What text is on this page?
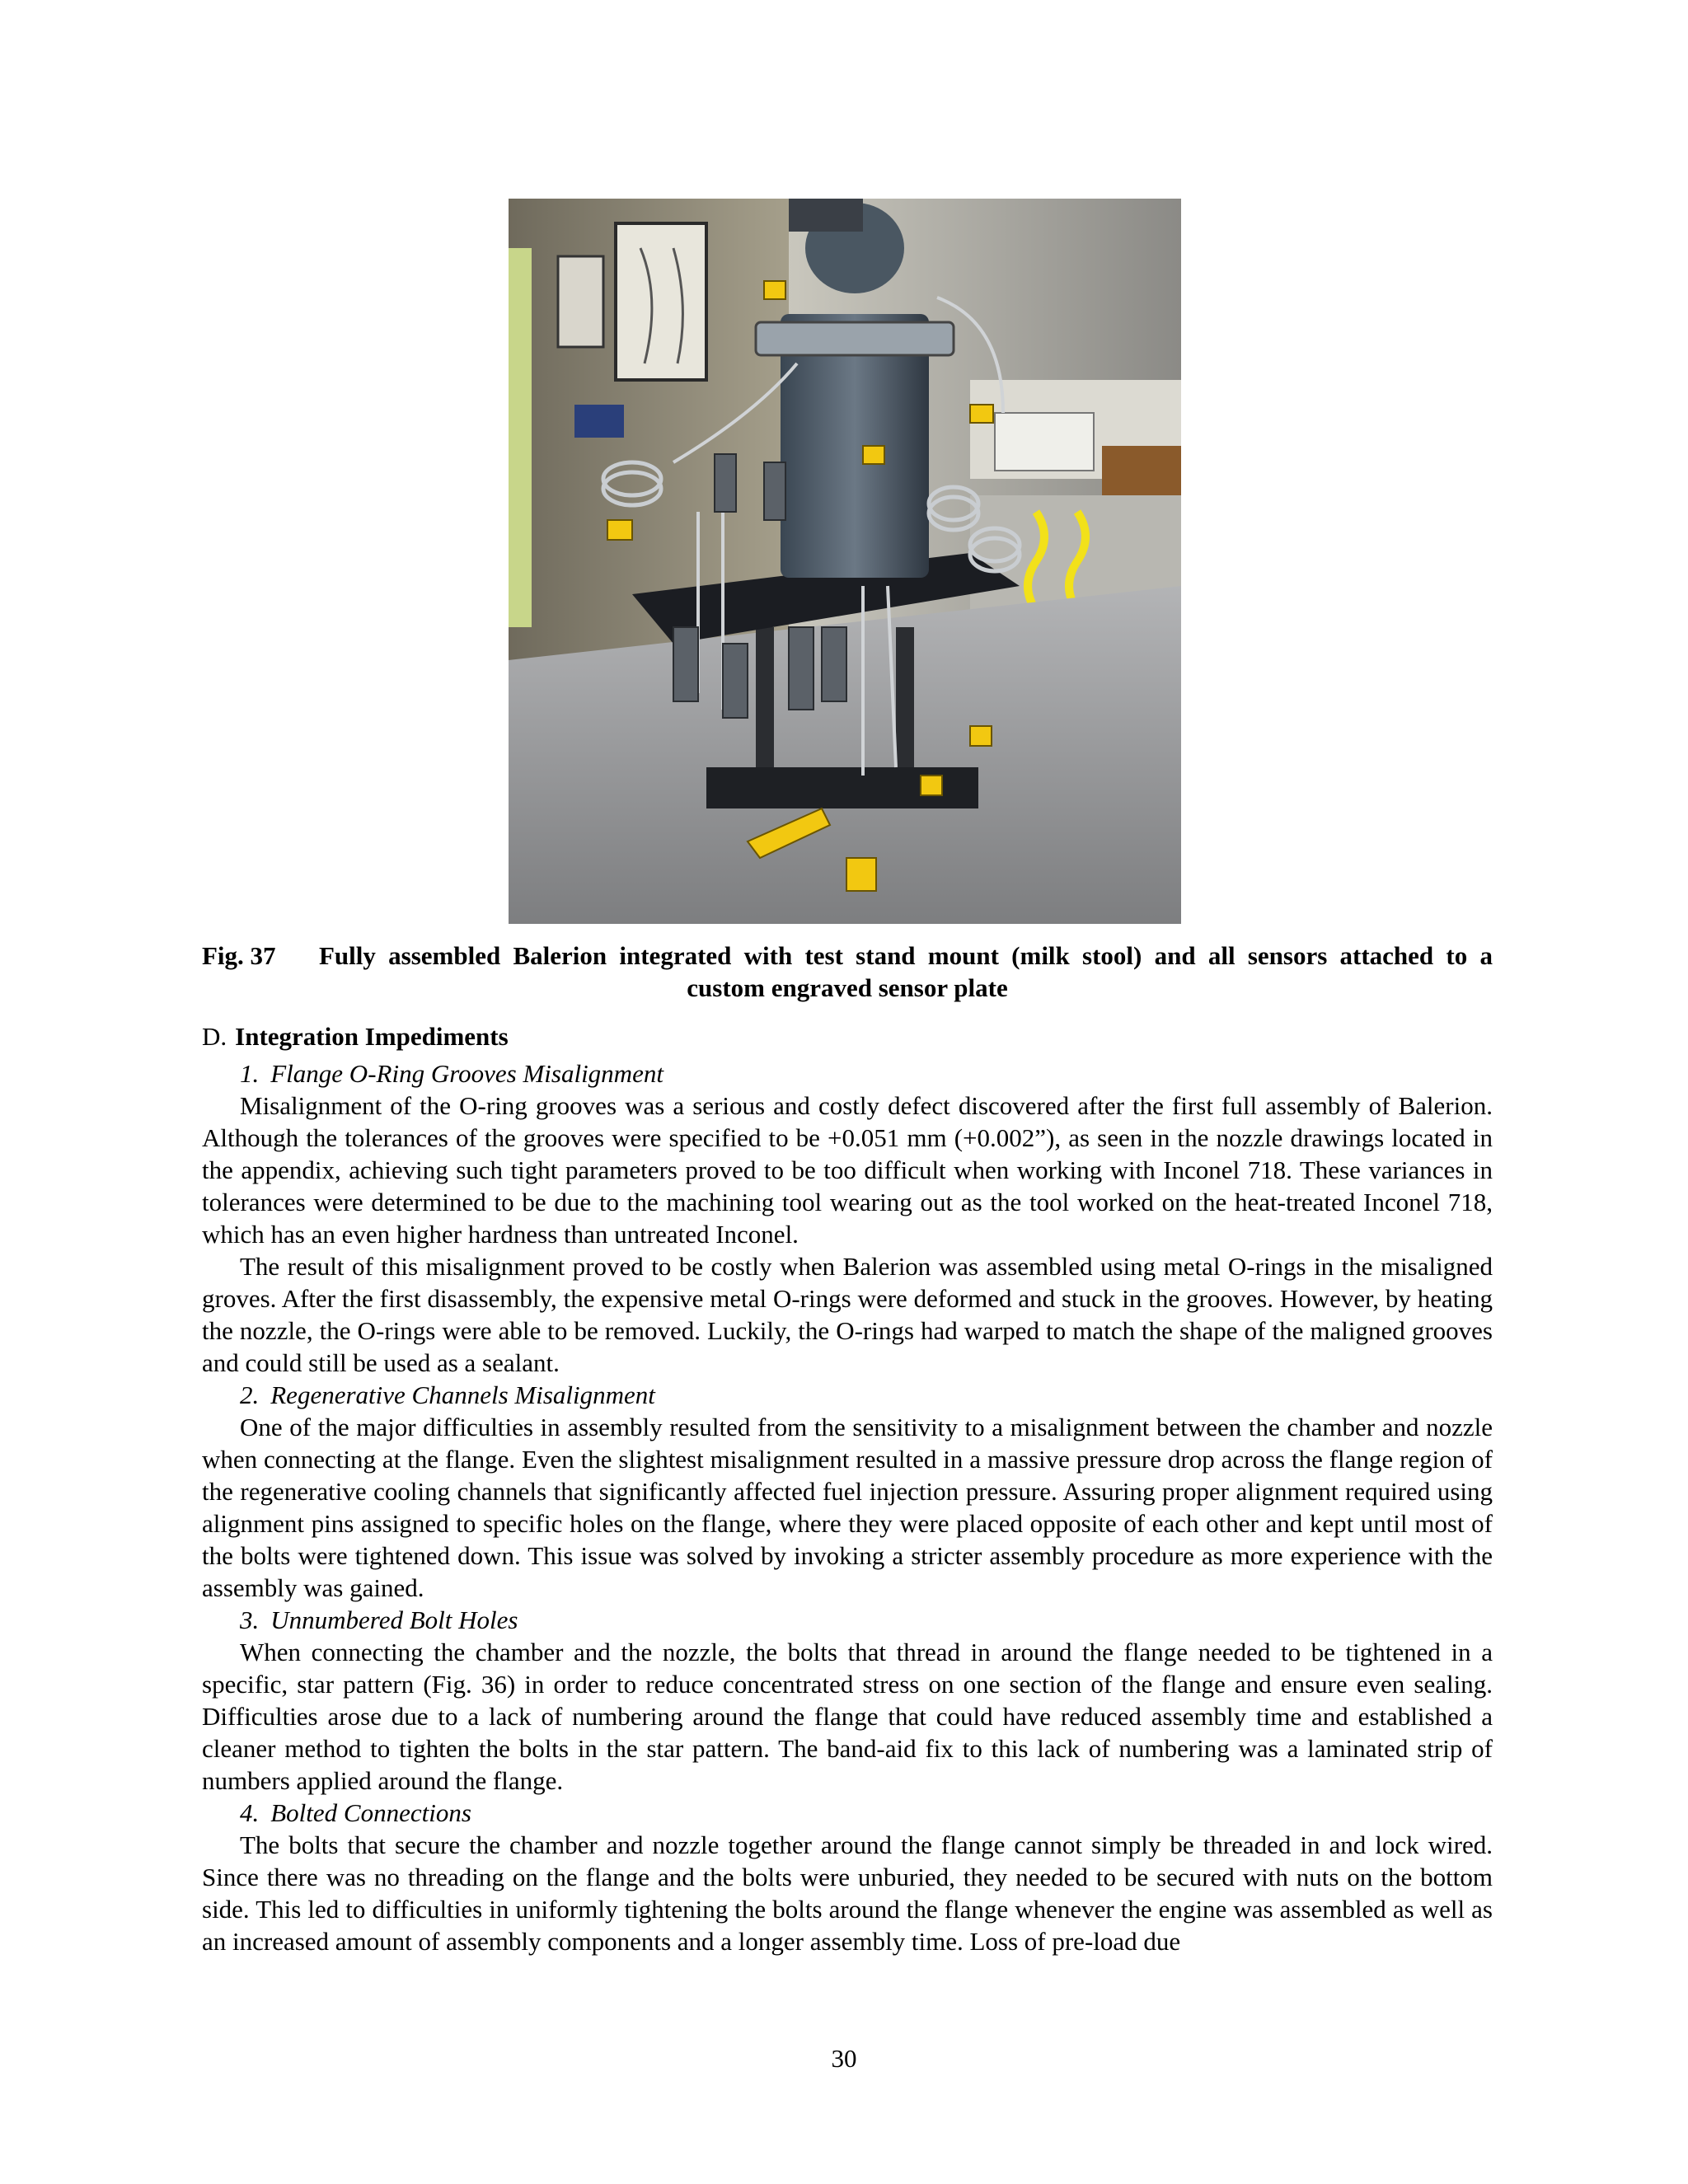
Fig. 37	Fully assembled Balerion integrated with test stand mount (milk stool) and all sensors attached to a
custom engraved sensor plate
D. Integration Impediments
1. Flange O-Ring Grooves Misalignment

Misalignment of the O-ring grooves was a serious and costly defect discovered after the first full assembly of Balerion. Although the tolerances of the grooves were specified to be +0.051 mm (+0.002”), as seen in the nozzle drawings located in the appendix, achieving such tight parameters proved to be too difficult when working with Inconel 718. These variances in tolerances were determined to be due to the machining tool wearing out as the tool worked on the heat-treated Inconel 718, which has an even higher hardness than untreated Inconel.

The result of this misalignment proved to be costly when Balerion was assembled using metal O-rings in the misaligned groves. After the first disassembly, the expensive metal O-rings were deformed and stuck in the grooves. However, by heating the nozzle, the O-rings were able to be removed. Luckily, the O-rings had warped to match the shape of the maligned grooves and could still be used as a sealant.

2. Regenerative Channels Misalignment

One of the major difficulties in assembly resulted from the sensitivity to a misalignment between the chamber and nozzle when connecting at the flange. Even the slightest misalignment resulted in a massive pressure drop across the flange region of the regenerative cooling channels that significantly affected fuel injection pressure. Assuring proper alignment required using alignment pins assigned to specific holes on the flange, where they were placed opposite of each other and kept until most of the bolts were tightened down. This issue was solved by invoking a stricter assembly procedure as more experience with the assembly was gained.

3. Unnumbered Bolt Holes

When connecting the chamber and the nozzle, the bolts that thread in around the flange needed to be tightened in a specific, star pattern (Fig. 36) in order to reduce concentrated stress on one section of the flange and ensure even sealing. Difficulties arose due to a lack of numbering around the flange that could have reduced assembly time and established a cleaner method to tighten the bolts in the star pattern. The band-aid fix to this lack of numbering was a laminated strip of numbers applied around the flange.

4. Bolted Connections

The bolts that secure the chamber and nozzle together around the flange cannot simply be threaded in and lock wired. Since there was no threading on the flange and the bolts were unburied, they needed to be secured with nuts on the bottom side. This led to difficulties in uniformly tightening the bolts around the flange whenever the engine was assembled as well as an increased amount of assembly components and a longer assembly time. Loss of pre-load due

30
